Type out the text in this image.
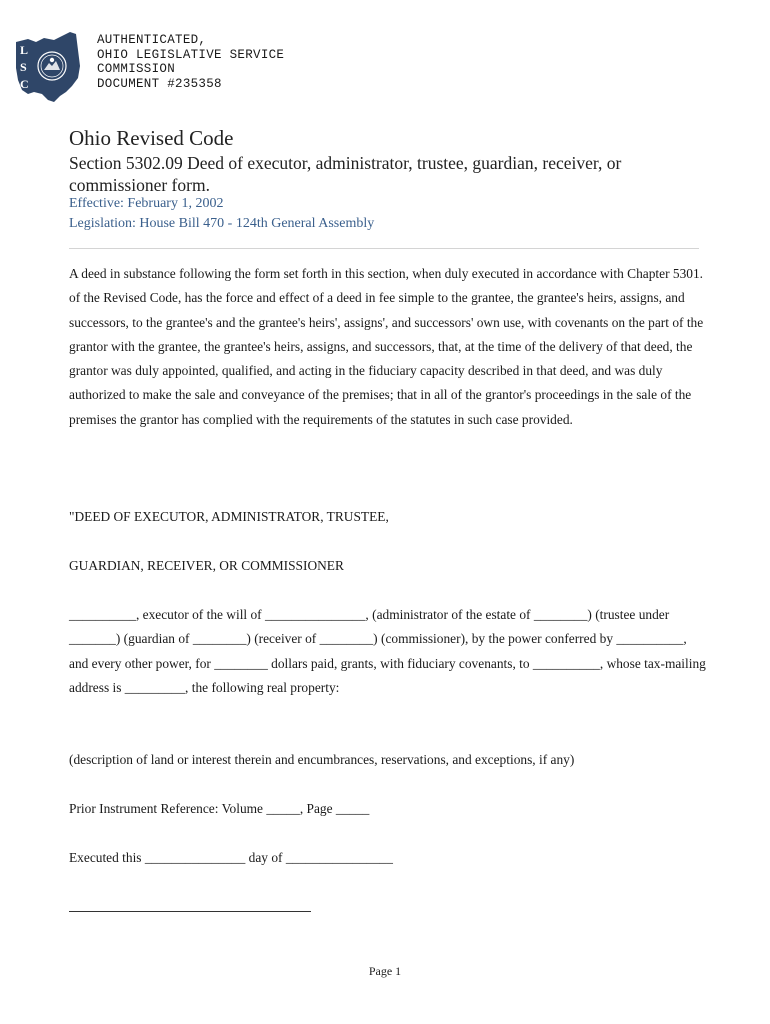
L
S
C
AUTHENTICATED,
OHIO LEGISLATIVE SERVICE
COMMISSION
DOCUMENT #235358
Ohio Revised Code
Section 5302.09 Deed of executor, administrator, trustee, guardian, receiver, or commissioner form.
Effective: February 1, 2002
Legislation: House Bill 470 - 124th General Assembly
A deed in substance following the form set forth in this section, when duly executed in accordance with Chapter 5301. of the Revised Code, has the force and effect of a deed in fee simple to the grantee, the grantee's heirs, assigns, and successors, to the grantee's and the grantee's heirs', assigns', and successors' own use, with covenants on the part of the grantor with the grantee, the grantee's heirs, assigns, and successors, that, at the time of the delivery of that deed, the grantor was duly appointed, qualified, and acting in the fiduciary capacity described in that deed, and was duly authorized to make the sale and conveyance of the premises; that in all of the grantor's proceedings in the sale of the premises the grantor has complied with the requirements of the statutes in such case provided.
"DEED OF EXECUTOR, ADMINISTRATOR, TRUSTEE,
GUARDIAN, RECEIVER, OR COMMISSIONER
__________, executor of the will of _______________, (administrator of the estate of ________) (trustee under _______) (guardian of ________) (receiver of ________) (commissioner), by the power conferred by __________, and every other power, for ________ dollars paid, grants, with fiduciary covenants, to __________, whose tax-mailing address is _________, the following real property:
(description of land or interest therein and encumbrances, reservations, and exceptions, if any)
Prior Instrument Reference: Volume _____, Page _____
Executed this _______________ day of ________________
Page 1
